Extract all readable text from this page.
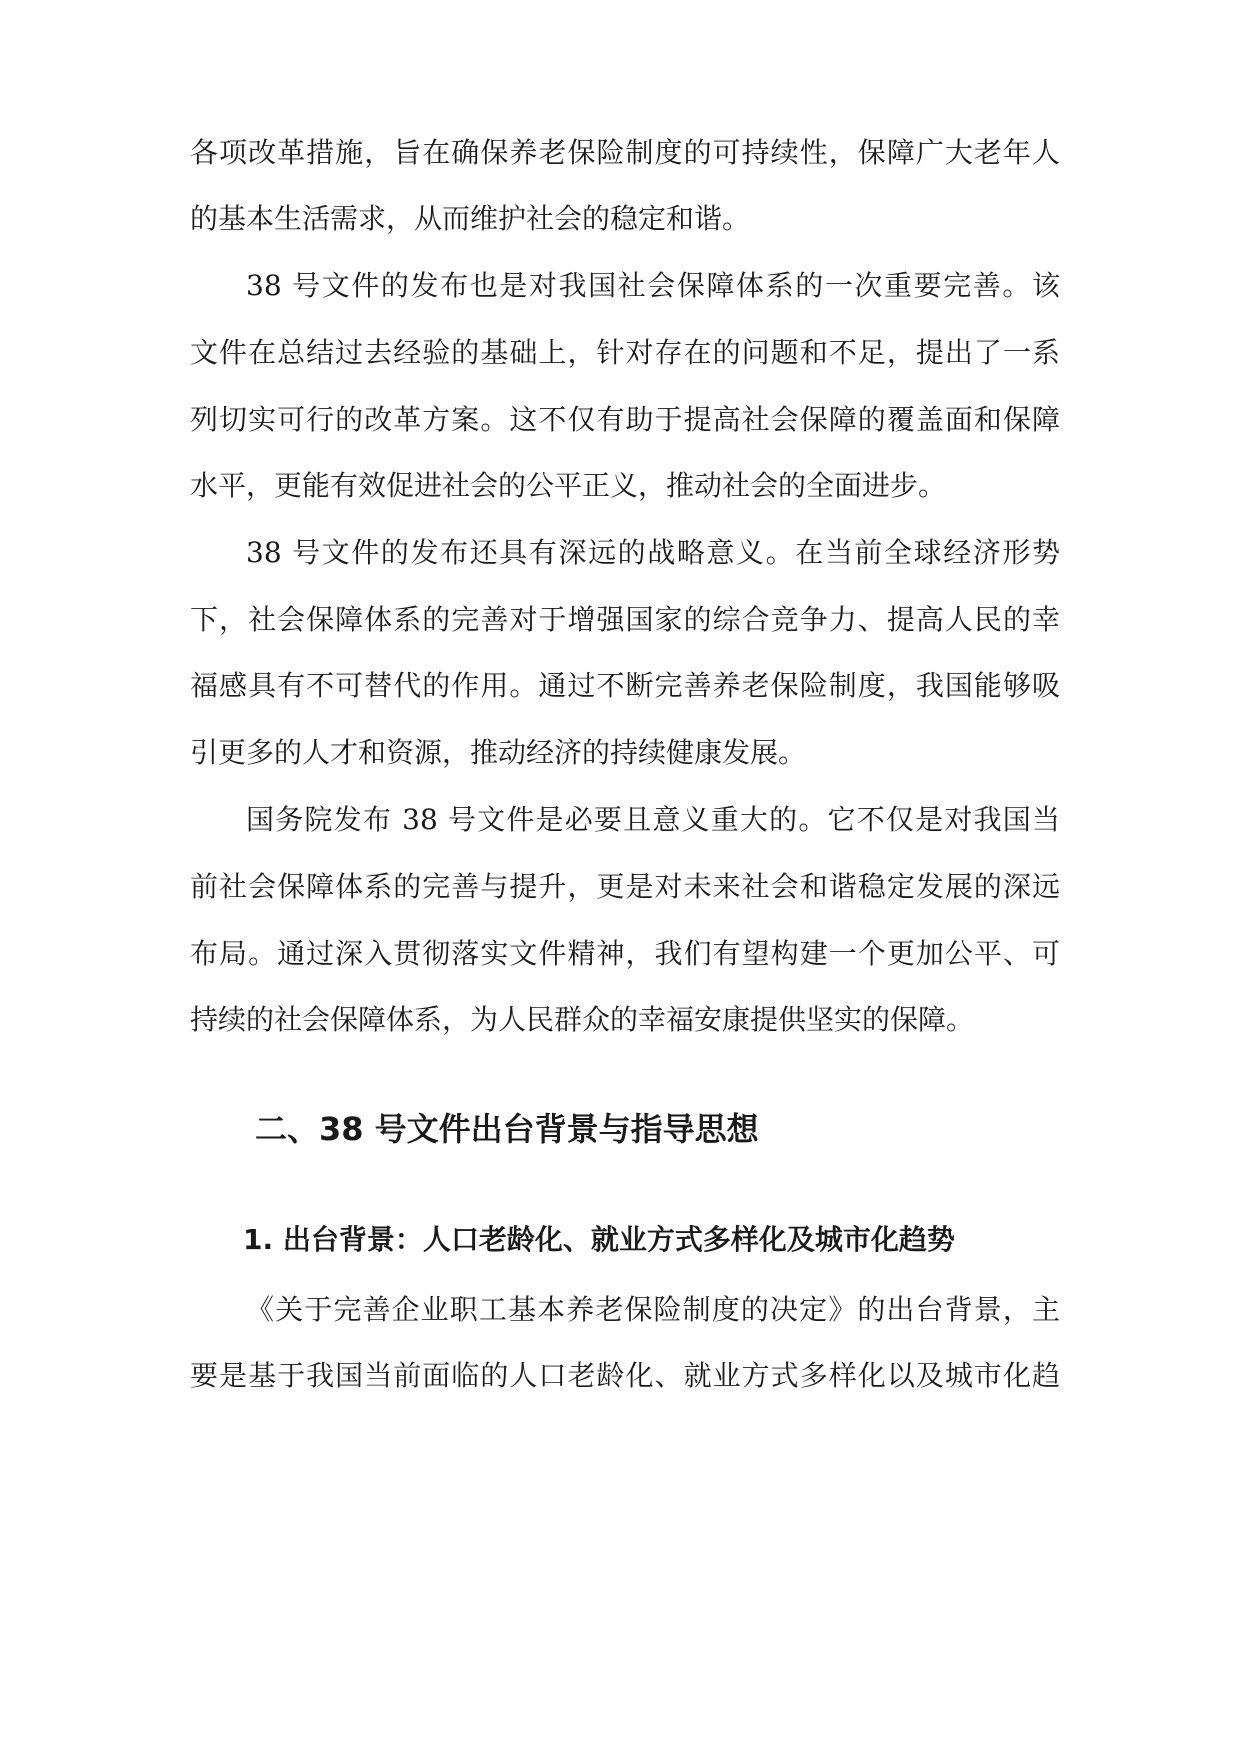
各项改革措施，旨在确保养老保险制度的可持续性，保障广大老年人
的基本生活需求，从而维护社会的稳定和谐。
38 号文件的发布也是对我国社会保障体系的一次重要完善。该
文件在总结过去经验的基础上，针对存在的问题和不足，提出了一系
列切实可行的改革方案。这不仅有助于提高社会保障的覆盖面和保障
水平，更能有效促进社会的公平正义，推动社会的全面进步。
38 号文件的发布还具有深远的战略意义。在当前全球经济形势
下，社会保障体系的完善对于增强国家的综合竞争力、提高人民的幸
福感具有不可替代的作用。通过不断完善养老保险制度，我国能够吸
引更多的人才和资源，推动经济的持续健康发展。
国务院发布 38 号文件是必要且意义重大的。它不仅是对我国当
前社会保障体系的完善与提升，更是对未来社会和谐稳定发展的深远
布局。通过深入贯彻落实文件精神，我们有望构建一个更加公平、可
持续的社会保障体系，为人民群众的幸福安康提供坚实的保障。
二、38 号文件出台背景与指导思想
1. 出台背景：人口老龄化、就业方式多样化及城市化趋势
《关于完善企业职工基本养老保险制度的决定》的出台背景，主
要是基于我国当前面临的人口老龄化、就业方式多样化以及城市化趋
